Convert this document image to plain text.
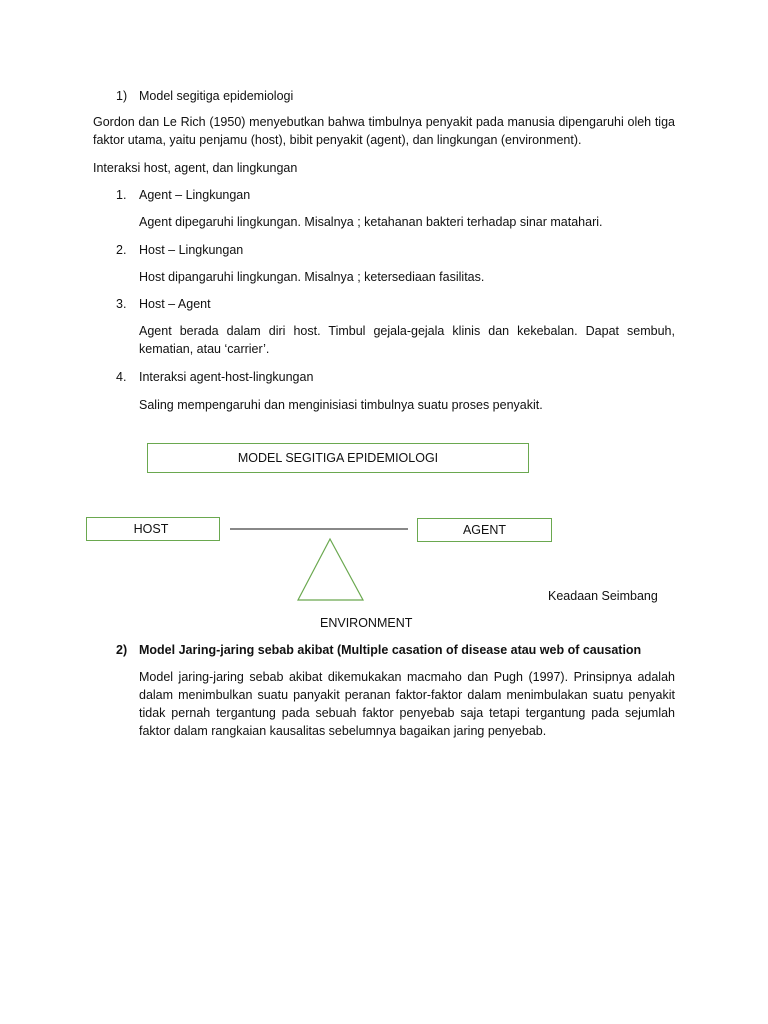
1) Model segitiga epidemiologi

Gordon dan Le Rich (1950) menyebutkan bahwa timbulnya penyakit pada manusia dipengaruhi oleh tiga faktor utama, yaitu penjamu (host), bibit penyakit (agent), dan lingkungan (environment).

Interaksi host, agent, dan lingkungan
1. Agent – Lingkungan
Agent dipegaruhi lingkungan. Misalnya ; ketahanan bakteri terhadap sinar matahari.
2. Host – Lingkungan
Host dipangaruhi lingkungan. Misalnya ; ketersediaan fasilitas.
3. Host – Agent

Agent berada dalam diri host. Timbul gejala-gejala klinis dan kekebalan. Dapat sembuh, kematian, atau ‘carrier’.

4. Interaksi agent-host-lingkungan
Saling mempengaruhi dan menginisiasi timbulnya suatu proses penyakit.
MODEL SEGITIGA EPIDEMIOLOGI
HOST	AGENT
Keadaan Seimbang
ENVIRONMENT
2) Model Jaring-jaring sebab akibat (Multiple casation of disease atau web of causation

Model jaring-jaring sebab akibat dikemukakan macmaho dan Pugh (1997). Prinsipnya adalah dalam menimbulkan suatu panyakit peranan faktor-faktor dalam menimbulakan suatu penyakit tidak pernah tergantung pada sebuah faktor penyebab saja tetapi tergantung pada sejumlah faktor dalam rangkaian kausalitas sebelumnya bagaikan jaring penyebab.
